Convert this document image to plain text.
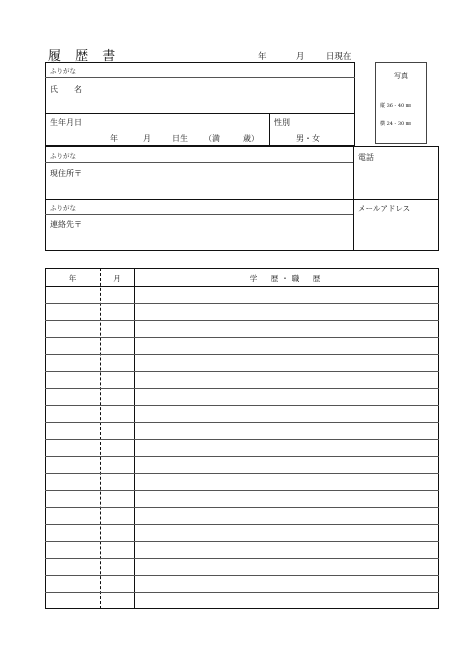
履 歴 書	年	月	日現在
写真
縦 36 - 40 ㎜
横 24 - 30 ㎜
ふりがな
氏　　名
生年月日
年	月	日生 （満	歳）
性別
男・女
ふりがな
現住所〒
電話
ふりがな
連絡先〒
メールアドレス
年	月	学　歴・職　歴
